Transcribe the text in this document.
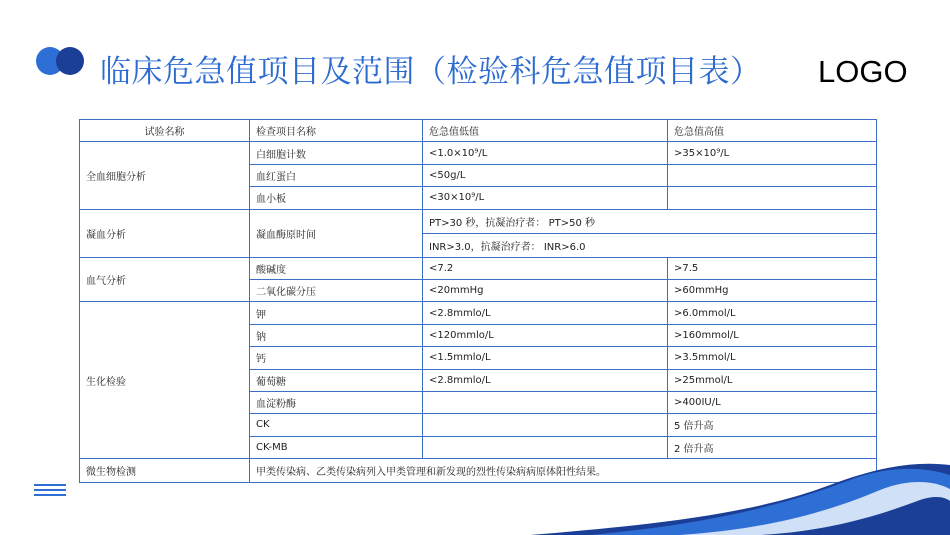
临床危急值项目及范围（检验科危急值项目表） LOGO
试验名称	检查项目名称	危急值低值	危急值高值
全血细胞分析	白细胞计数	<1.0×10⁹/L	>35×10⁹/L
	血红蛋白	<50g/L	
	血小板	<30×10⁹/L	
凝血分析	凝血酶原时间	PT>30 秒，抗凝治疗者： PT>50 秒	
		INR>3.0，抗凝治疗者： INR>6.0	
血气分析	酸碱度	<7.2	>7.5
	二氧化碳分压	<20mmHg	>60mmHg
生化检验	钾	<2.8mmlo/L	>6.0mmol/L
	钠	<120mmlo/L	>160mmol/L
	钙	<1.5mmlo/L	>3.5mmol/L
	葡萄糖	<2.8mmlo/L	>25mmol/L
	血淀粉酶		>400IU/L
	CK		5 倍升高
	CK-MB		2 倍升高
微生物检测	甲类传染病、乙类传染病列入甲类管理和新发现的烈性传染病病原体阳性结果。		
